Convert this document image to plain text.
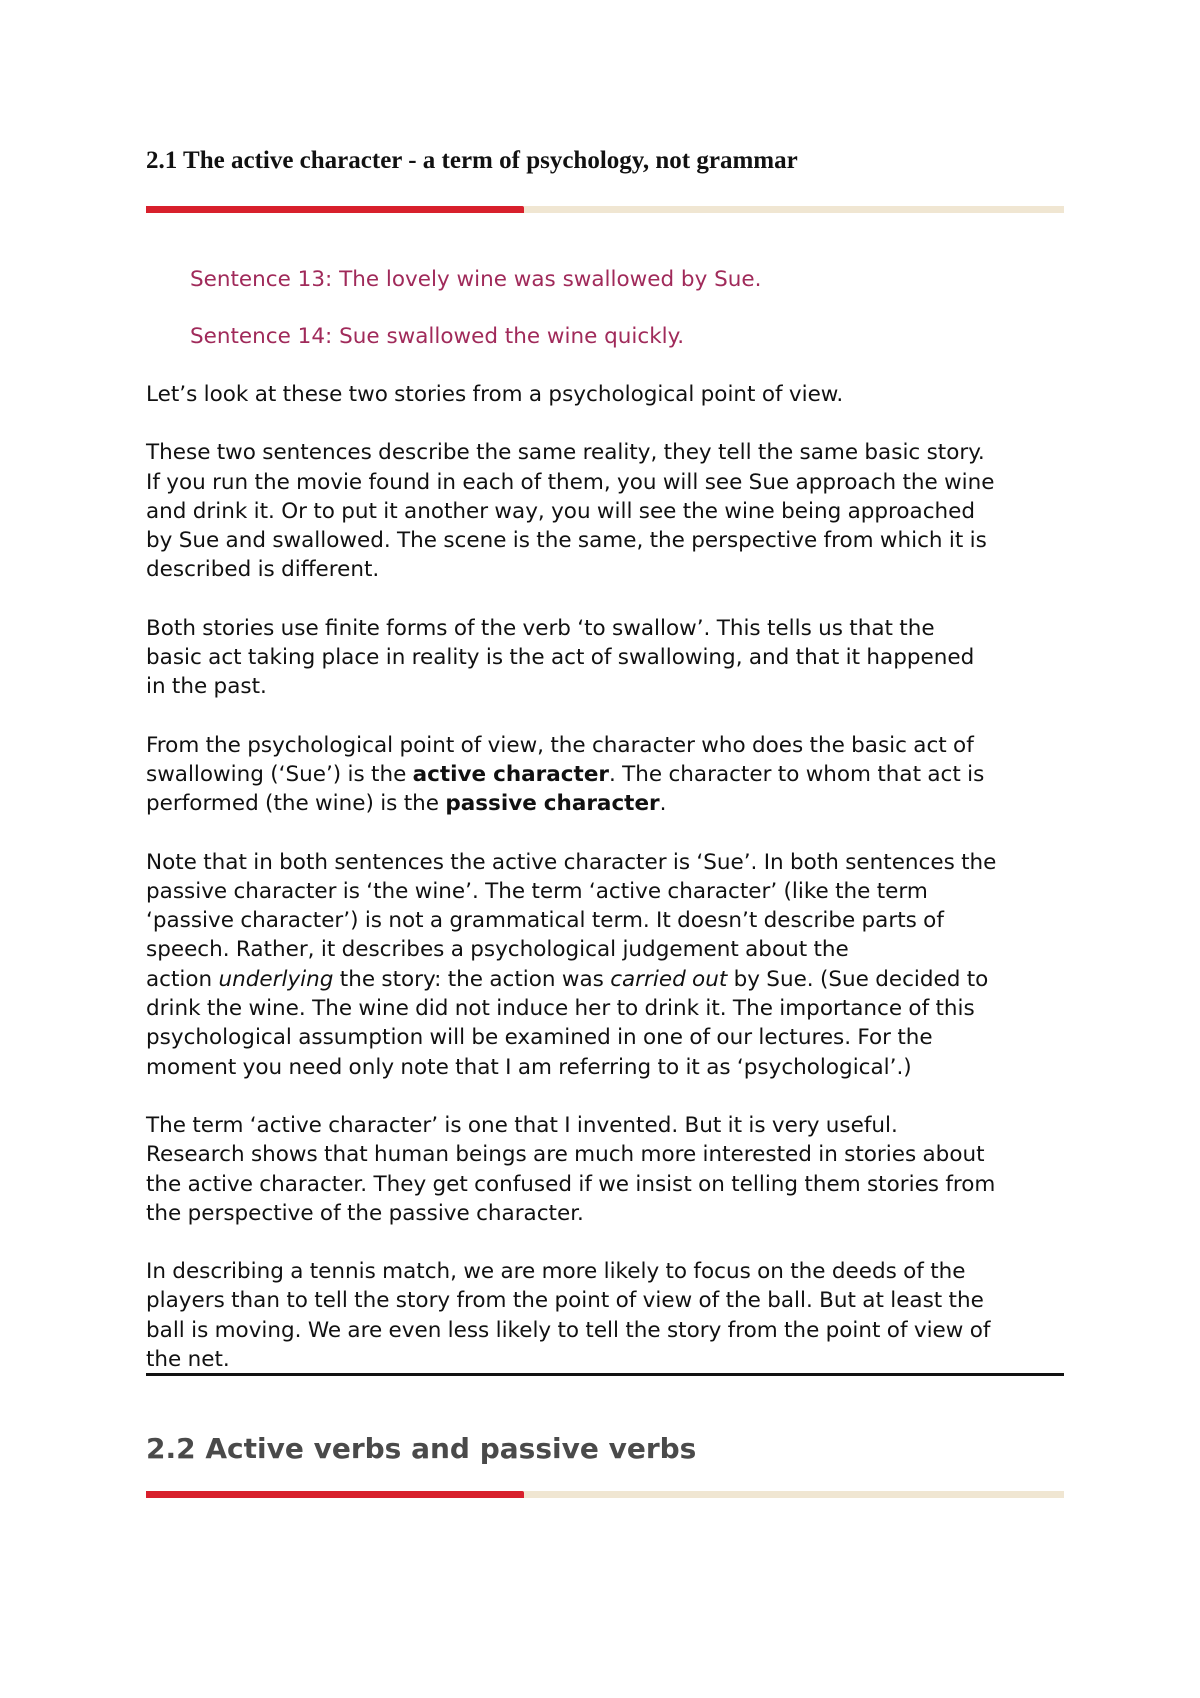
2.1 The active character - a term of psychology, not grammar

Sentence 13: The lovely wine was swallowed by Sue.

Sentence 14: Sue swallowed the wine quickly.

Let’s look at these two stories from a psychological point of view.

These two sentences describe the same reality, they tell the same basic story.
If you run the movie found in each of them, you will see Sue approach the wine
and drink it. Or to put it another way, you will see the wine being approached
by Sue and swallowed. The scene is the same, the perspective from which it is
described is different.

Both stories use finite forms of the verb ‘to swallow’. This tells us that the
basic act taking place in reality is the act of swallowing, and that it happened
in the past.

From the psychological point of view, the character who does the basic act of
swallowing (‘Sue’) is the active character. The character to whom that act is
performed (the wine) is the passive character.

Note that in both sentences the active character is ‘Sue’. In both sentences the
passive character is ‘the wine’. The term ‘active character’ (like the term
‘passive character’) is not a grammatical term. It doesn’t describe parts of
speech. Rather, it describes a psychological judgement about the
action underlying the story: the action was carried out by Sue. (Sue decided to
drink the wine. The wine did not induce her to drink it. The importance of this
psychological assumption will be examined in one of our lectures. For the
moment you need only note that I am referring to it as ‘psychological’.)

The term ‘active character’ is one that I invented. But it is very useful.
Research shows that human beings are much more interested in stories about
the active character. They get confused if we insist on telling them stories from
the perspective of the passive character.

In describing a tennis match, we are more likely to focus on the deeds of the
players than to tell the story from the point of view of the ball. But at least the
ball is moving. We are even less likely to tell the story from the point of view of
the net.

2.2 Active verbs and passive verbs
